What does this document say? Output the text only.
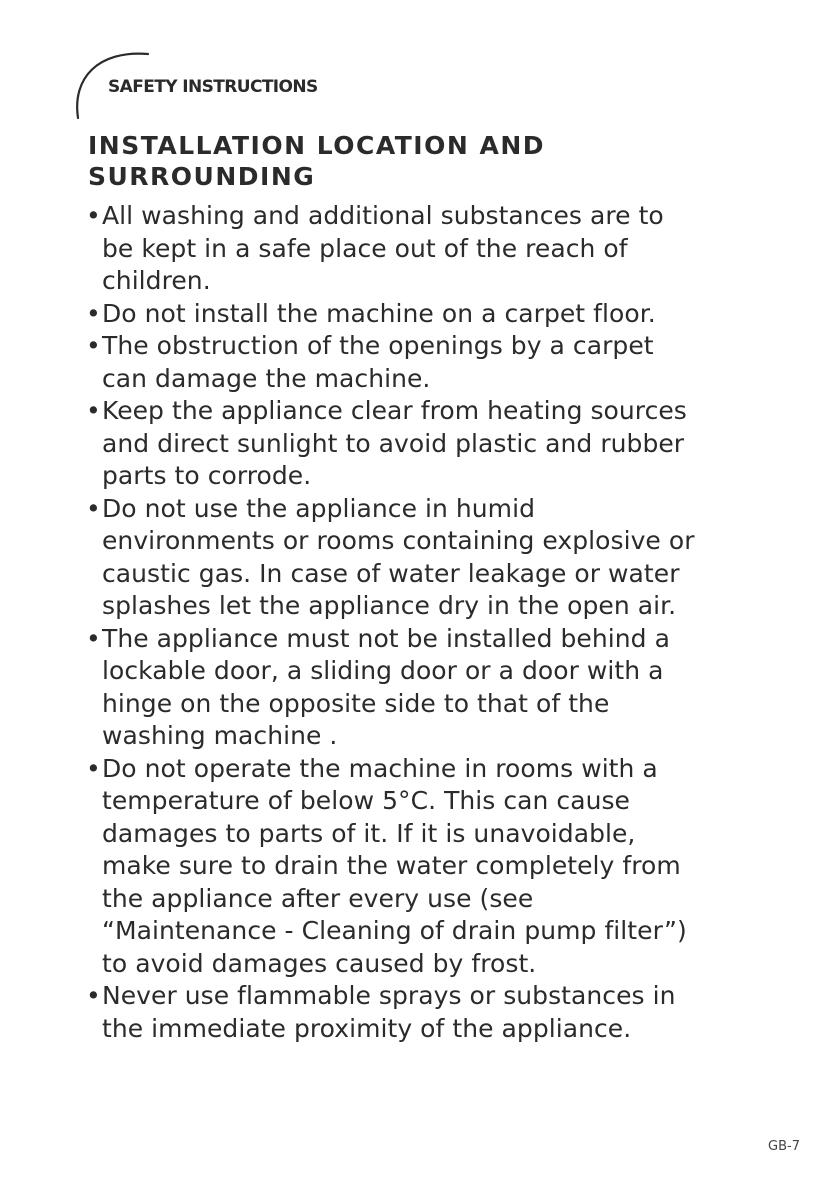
SAFETY INSTRUCTIONS
INSTALLATION LOCATION AND
SURROUNDING
• All washing and additional substances are to
be kept in a safe place out of the reach of
children.
• Do not install the machine on a carpet floor.
• The obstruction of the openings by a carpet
can damage the machine.
• Keep the appliance clear from heating sources
and direct sunlight to avoid plastic and rubber
parts to corrode.
• Do not use the appliance in humid
environments or rooms containing explosive or
caustic gas. In case of water leakage or water
splashes let the appliance dry in the open air.
• The appliance must not be installed behind a
lockable door, a sliding door or a door with a
hinge on the opposite side to that of the
washing machine .
• Do not operate the machine in rooms with a
temperature of below 5°C. This can cause
damages to parts of it. If it is unavoidable,
make sure to drain the water completely from
the appliance after every use (see
“Maintenance - Cleaning of drain pump filter”)
to avoid damages caused by frost.
• Never use flammable sprays or substances in
the immediate proximity of the appliance.
GB-7
